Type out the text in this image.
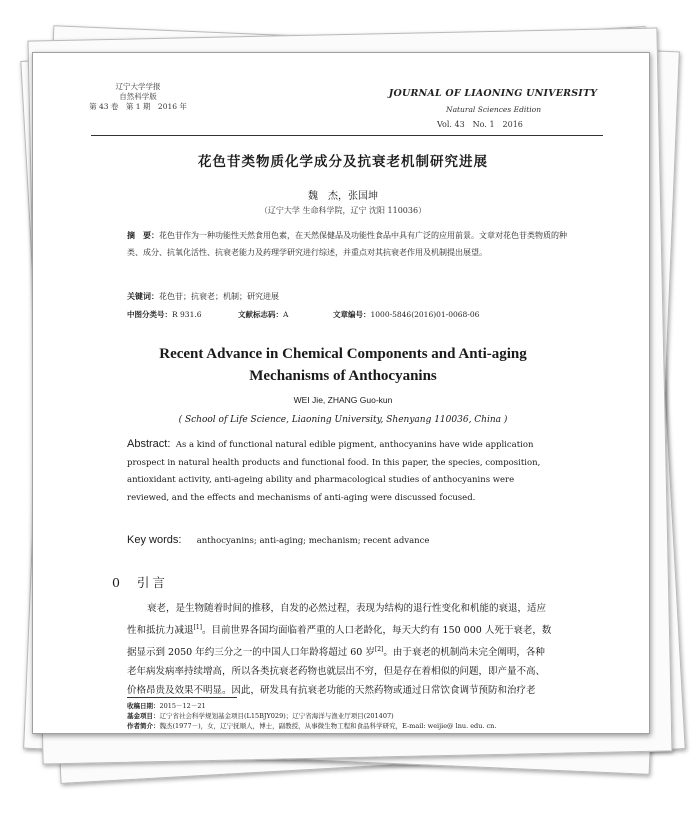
辽宁大学学报
自然科学版
第 43 卷　第 1 期　2016 年
JOURNAL OF LIAONING UNIVERSITY
Natural Sciences Edition
Vol. 43　No. 1　2016
花色苷类物质化学成分及抗衰老机制研究进展
魏　杰，张国坤
（辽宁大学 生命科学院，辽宁 沈阳 110036）
摘　要：花色苷作为一种功能性天然食用色素，在天然保健品及功能性食品中具有广泛的应用前景。文章对花色苷类物质的种类、成分、抗氧化活性、抗衰老能力及药理学研究进行综述，并重点对其抗衰老作用及机制提出展望。
关键词：花色苷；抗衰老；机制；研究进展
中图分类号：R 931.6	文献标志码：A	文章编号：1000-5846(2016)01-0068-06
Recent Advance in Chemical Components and Anti-aging
Mechanisms of Anthocyanins
WEI Jie, ZHANG Guo-kun
( School of Life Science, Liaoning University, Shenyang 110036, China )
Abstract: As a kind of functional natural edible pigment, anthocyanins have wide application
prospect in natural health products and functional food. In this paper, the species, composition,
antioxidant activity, anti-ageing ability and pharmacological studies of anthocyanins were
reviewed, and the effects and mechanisms of anti-aging were discussed focused.
Key words: anthocyanins; anti-aging; mechanism; recent advance
0 引言
衰老，是生物随着时间的推移，自发的必然过程，表现为结构的退行性变化和机能的衰退，适应
性和抵抗力减退[1]。目前世界各国均面临着严重的人口老龄化，每天大约有 150 000 人死于衰老，数
据显示到 2050 年约三分之一的中国人口年龄将超过 60 岁[2]。由于衰老的机制尚未完全阐明，各种
老年病发病率持续增高，所以各类抗衰老药物也就层出不穷，但是存在着相似的问题，即产量不高、
价格昂贵及效果不明显。因此，研发具有抗衰老功能的天然药物或通过日常饮食调节预防和治疗老
收稿日期：2015－12－21
基金项目：辽宁省社会科学规划基金项目(L15BJY029)；辽宁省海洋与渔业厅项目(201407)
作者简介：魏杰(1977－)，女，辽宁抚顺人，博士，副教授，从事微生物工程和食品科学研究，E-mail: weijie@ lnu. edu. cn.
